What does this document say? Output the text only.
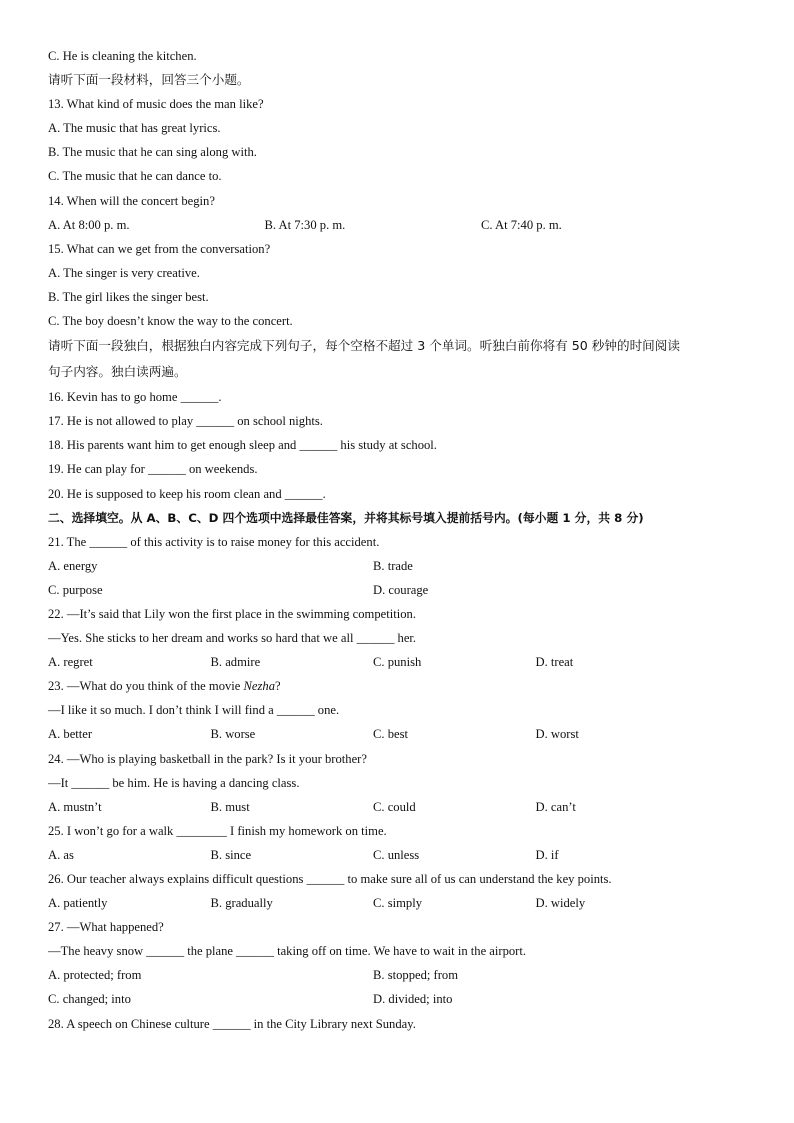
C. He is cleaning the kitchen.
请听下面一段材料，回答三个小题。
13. What kind of music does the man like?
A. The music that has great lyrics.
B. The music that he can sing along with.
C. The music that he can dance to.
14. When will the concert begin?
A. At 8:00 p. m.	B. At 7:30 p. m.	C. At 7:40 p. m.
15. What can we get from the conversation?
A. The singer is very creative.
B. The girl likes the singer best.
C. The boy doesn’t know the way to the concert.
请听下面一段独白，根据独白内容完成下列句子，每个空格不超过 3 个单词。听独白前你将有 50 秒钟的时间阅读
句子内容。独白读两遍。
16. Kevin has to go home ______.
17. He is not allowed to play ______ on school nights.
18. His parents want him to get enough sleep and ______ his study at school.
19. He can play for ______ on weekends.
20. He is supposed to keep his room clean and ______.
二、选择填空。从 A、B、C、D 四个选项中选择最佳答案，并将其标号填入提前括号内。(每小题 1 分，共 8 分)
21. The ______ of this activity is to raise money for this accident.
A. energy	B. trade
C. purpose	D. courage
22. —It’s said that Lily won the first place in the swimming competition.
—Yes. She sticks to her dream and works so hard that we all ______ her.
A. regret	B. admire	C. punish	D. treat
23. —What do you think of the movie Nezha?
—I like it so much. I don’t think I will find a ______ one.
A. better	B. worse	C. best	D. worst
24. —Who is playing basketball in the park? Is it your brother?
—It ______ be him. He is having a dancing class.
A. mustn’t	B. must	C. could	D. can’t
25. I won’t go for a walk ________ I finish my homework on time.
A. as	B. since	C. unless	D. if
26. Our teacher always explains difficult questions ______ to make sure all of us can understand the key points.
A. patiently	B. gradually	C. simply	D. widely
27. —What happened?
—The heavy snow ______ the plane ______ taking off on time. We have to wait in the airport.
A. protected; from	B. stopped; from
C. changed; into	D. divided; into
28. A speech on Chinese culture ______ in the City Library next Sunday.
